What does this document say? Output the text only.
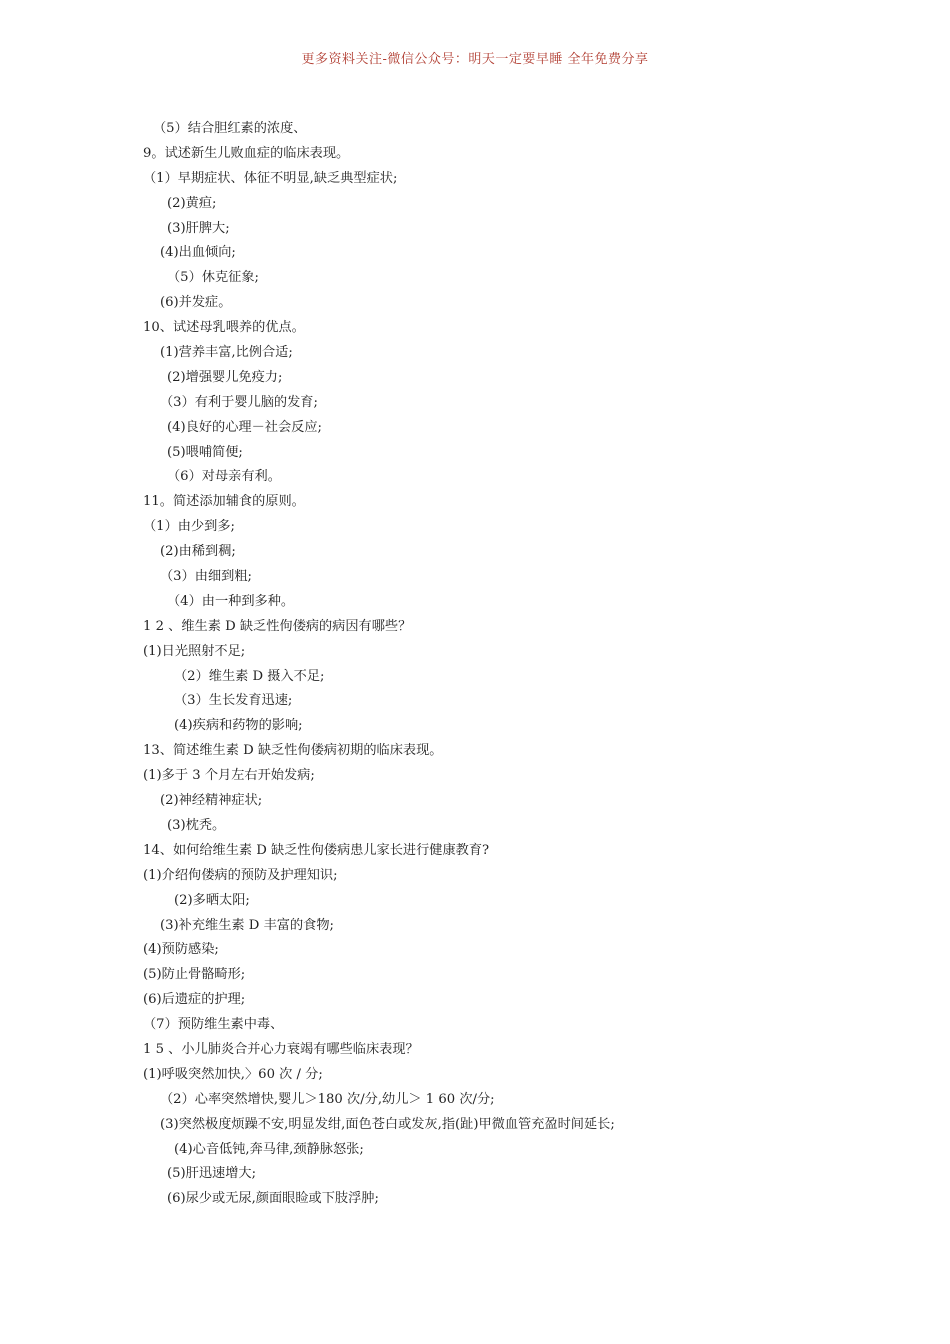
更多资料关注-微信公众号：明天一定要早睡 全年免费分享

（5）结合胆红素的浓度、

9。试述新生儿败血症的临床表现。

（1）早期症状、体征不明显,缺乏典型症状;

(2)黄疸;

(3)肝脾大;

(4)出血倾向;

（5）休克征象;

(6)并发症。

10、试述母乳喂养的优点。

(1)营养丰富,比例合适;

(2)增强婴儿免疫力;

（3）有利于婴儿脑的发育;

(4)良好的心理－社会反应;

(5)喂哺简便;

（6）对母亲有利。

11。简述添加辅食的原则。

（1）由少到多;

(2)由稀到稠;

（3）由细到粗;

（4）由一种到多种。

1 2 、维生素 D 缺乏性佝偻病的病因有哪些？

(1)日光照射不足;

（2）维生素 D 摄入不足;

（3）生长发育迅速;

(4)疾病和药物的影响;

13、简述维生素 D 缺乏性佝偻病初期的临床表现。

(1)多于 3 个月左右开始发病;

(2)神经精神症状;

(3)枕秃。

14、如何给维生素 D 缺乏性佝偻病患儿家长进行健康教育?

(1)介绍佝偻病的预防及护理知识;

(2)多晒太阳;

(3)补充维生素 D 丰富的食物;

(4)预防感染;

(5)防止骨骼畸形;

(6)后遗症的护理;

（7）预防维生素中毒、

1 5 、小儿肺炎合并心力衰竭有哪些临床表现？

(1)呼吸突然加快,〉60 次 / 分;

（2）心率突然增快,婴儿＞180 次/分,幼儿＞ 1 60 次/分;

(3)突然极度烦躁不安,明显发绀,面色苍白或发灰,指(趾)甲微血管充盈时间延长;

(4)心音低钝,奔马律,颈静脉怒张;

(5)肝迅速增大;

(6)尿少或无尿,颜面眼睑或下肢浮肿;
